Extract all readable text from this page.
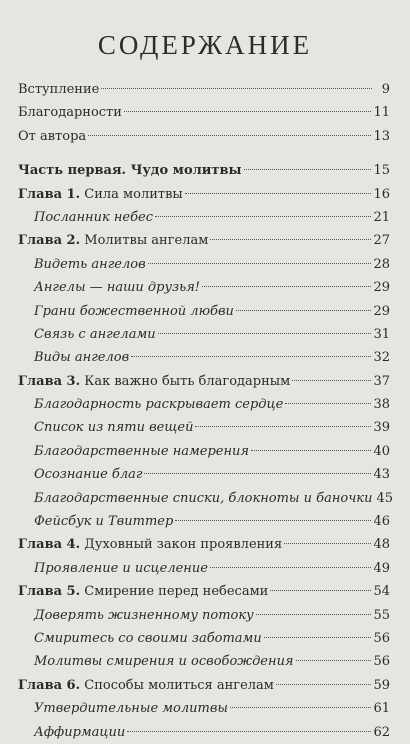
СОДЕРЖАНИЕ
Вступление	9
Благодарности	11
От автора	13
Часть первая. Чудо молитвы	15
Глава 1. Сила молитвы	16
Посланник небес	21
Глава 2. Молитвы ангелам	27
Видеть ангелов	28
Ангелы — наши друзья!	29
Грани божественной любви	29
Связь с ангелами	31
Виды ангелов	32
Глава 3. Как важно быть благодарным	37
Благодарность раскрывает сердце	38
Список из пяти вещей	39
Благодарственные намерения	40
Осознание благ	43
Благодарственные списки, блокноты и баночки 45
Фейсбук и Твиттер	46
Глава 4. Духовный закон проявления	48
Проявление и исцеление	49
Глава 5. Смирение перед небесами	54
Доверять жизненному потоку	55
Смиритесь со своими заботами	56
Молитвы смирения и освобождения	56
Глава 6. Способы молиться ангелам	59
Утвердительные молитвы	61
Аффирмации	62
